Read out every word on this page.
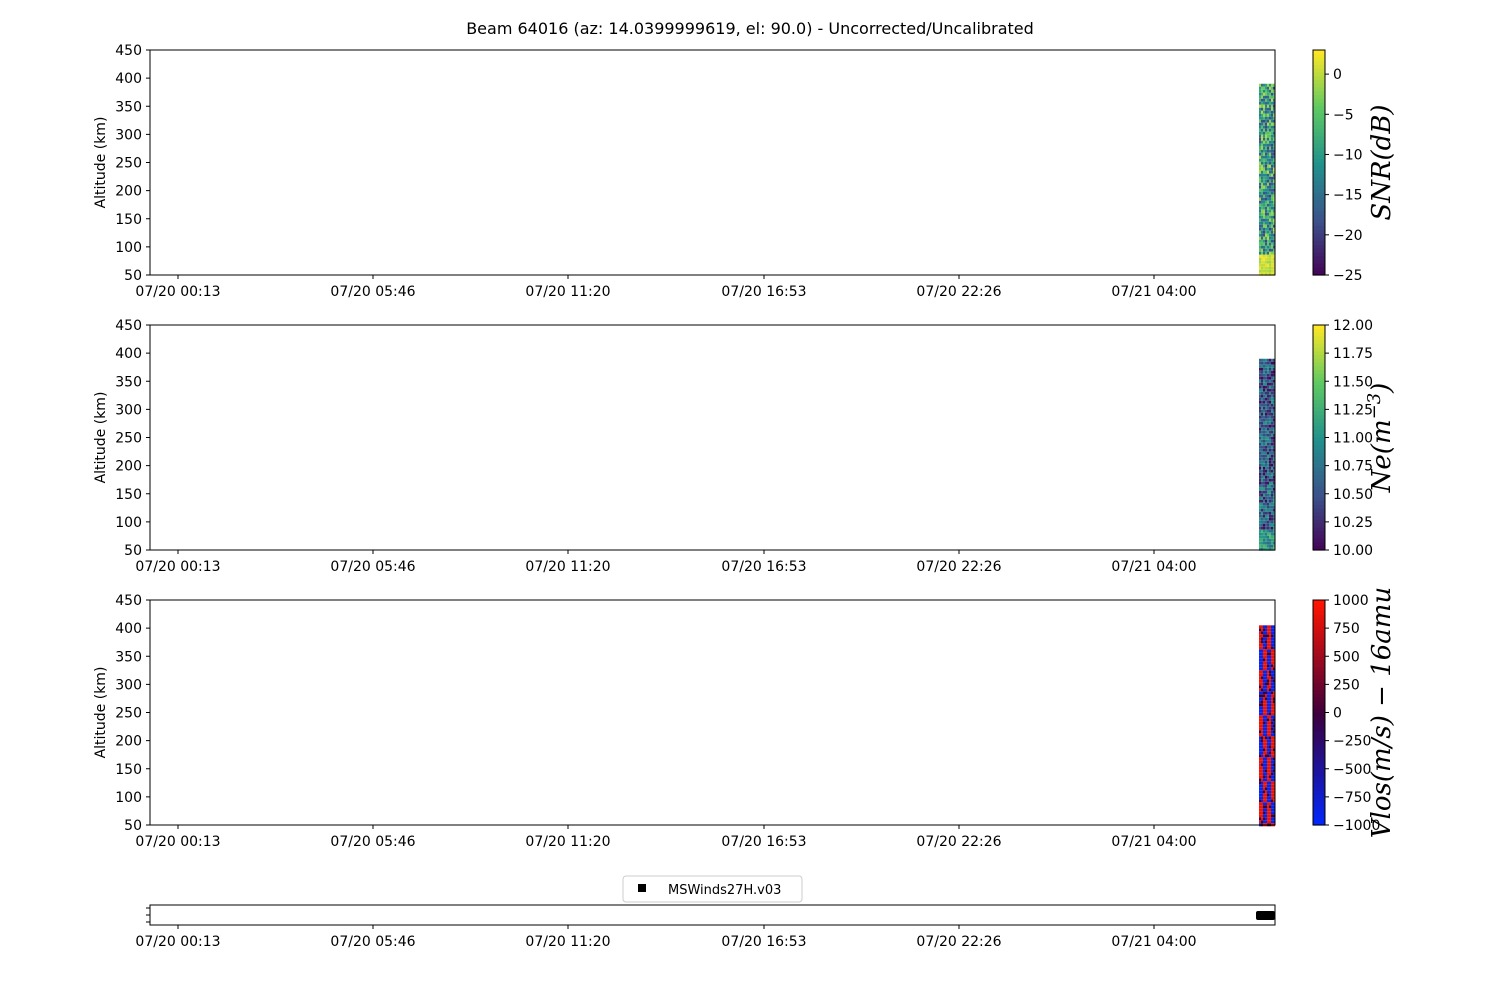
Beam 64016 (az: 14.0399999619, el: 90.0) - Uncorrected/Uncalibrated
450
400
350
300
250
200
150
100
50
07/20 00:13	07/20 05:46	07/20 11:20	07/20 16:53	07/20 22:26	07/21 04:00
Altitude (km)
0
−5
−10
−15
−20
−25
SNR(dB)
450
400
350
300
250
200
150
100
50
07/20 00:13	07/20 05:46	07/20 11:20	07/20 16:53	07/20 22:26	07/21 04:00
Altitude (km)
12.00
11.75
11.50
11.25
11.00
10.75
10.50
10.25
10.00
$Ne(m^{-3})$
450
400
350
300
250
200
150
100
50
07/20 00:13	07/20 05:46	07/20 11:20	07/20 16:53	07/20 22:26	07/21 04:00
Altitude (km)
1000
750
500
250
0
−250
−500
−750
−1000
Vlos(m/s) − 16amu
07/20 00:13	07/20 05:46	07/20 11:20	07/20 16:53	07/20 22:26	07/21 04:00
MSWinds27H.v03
